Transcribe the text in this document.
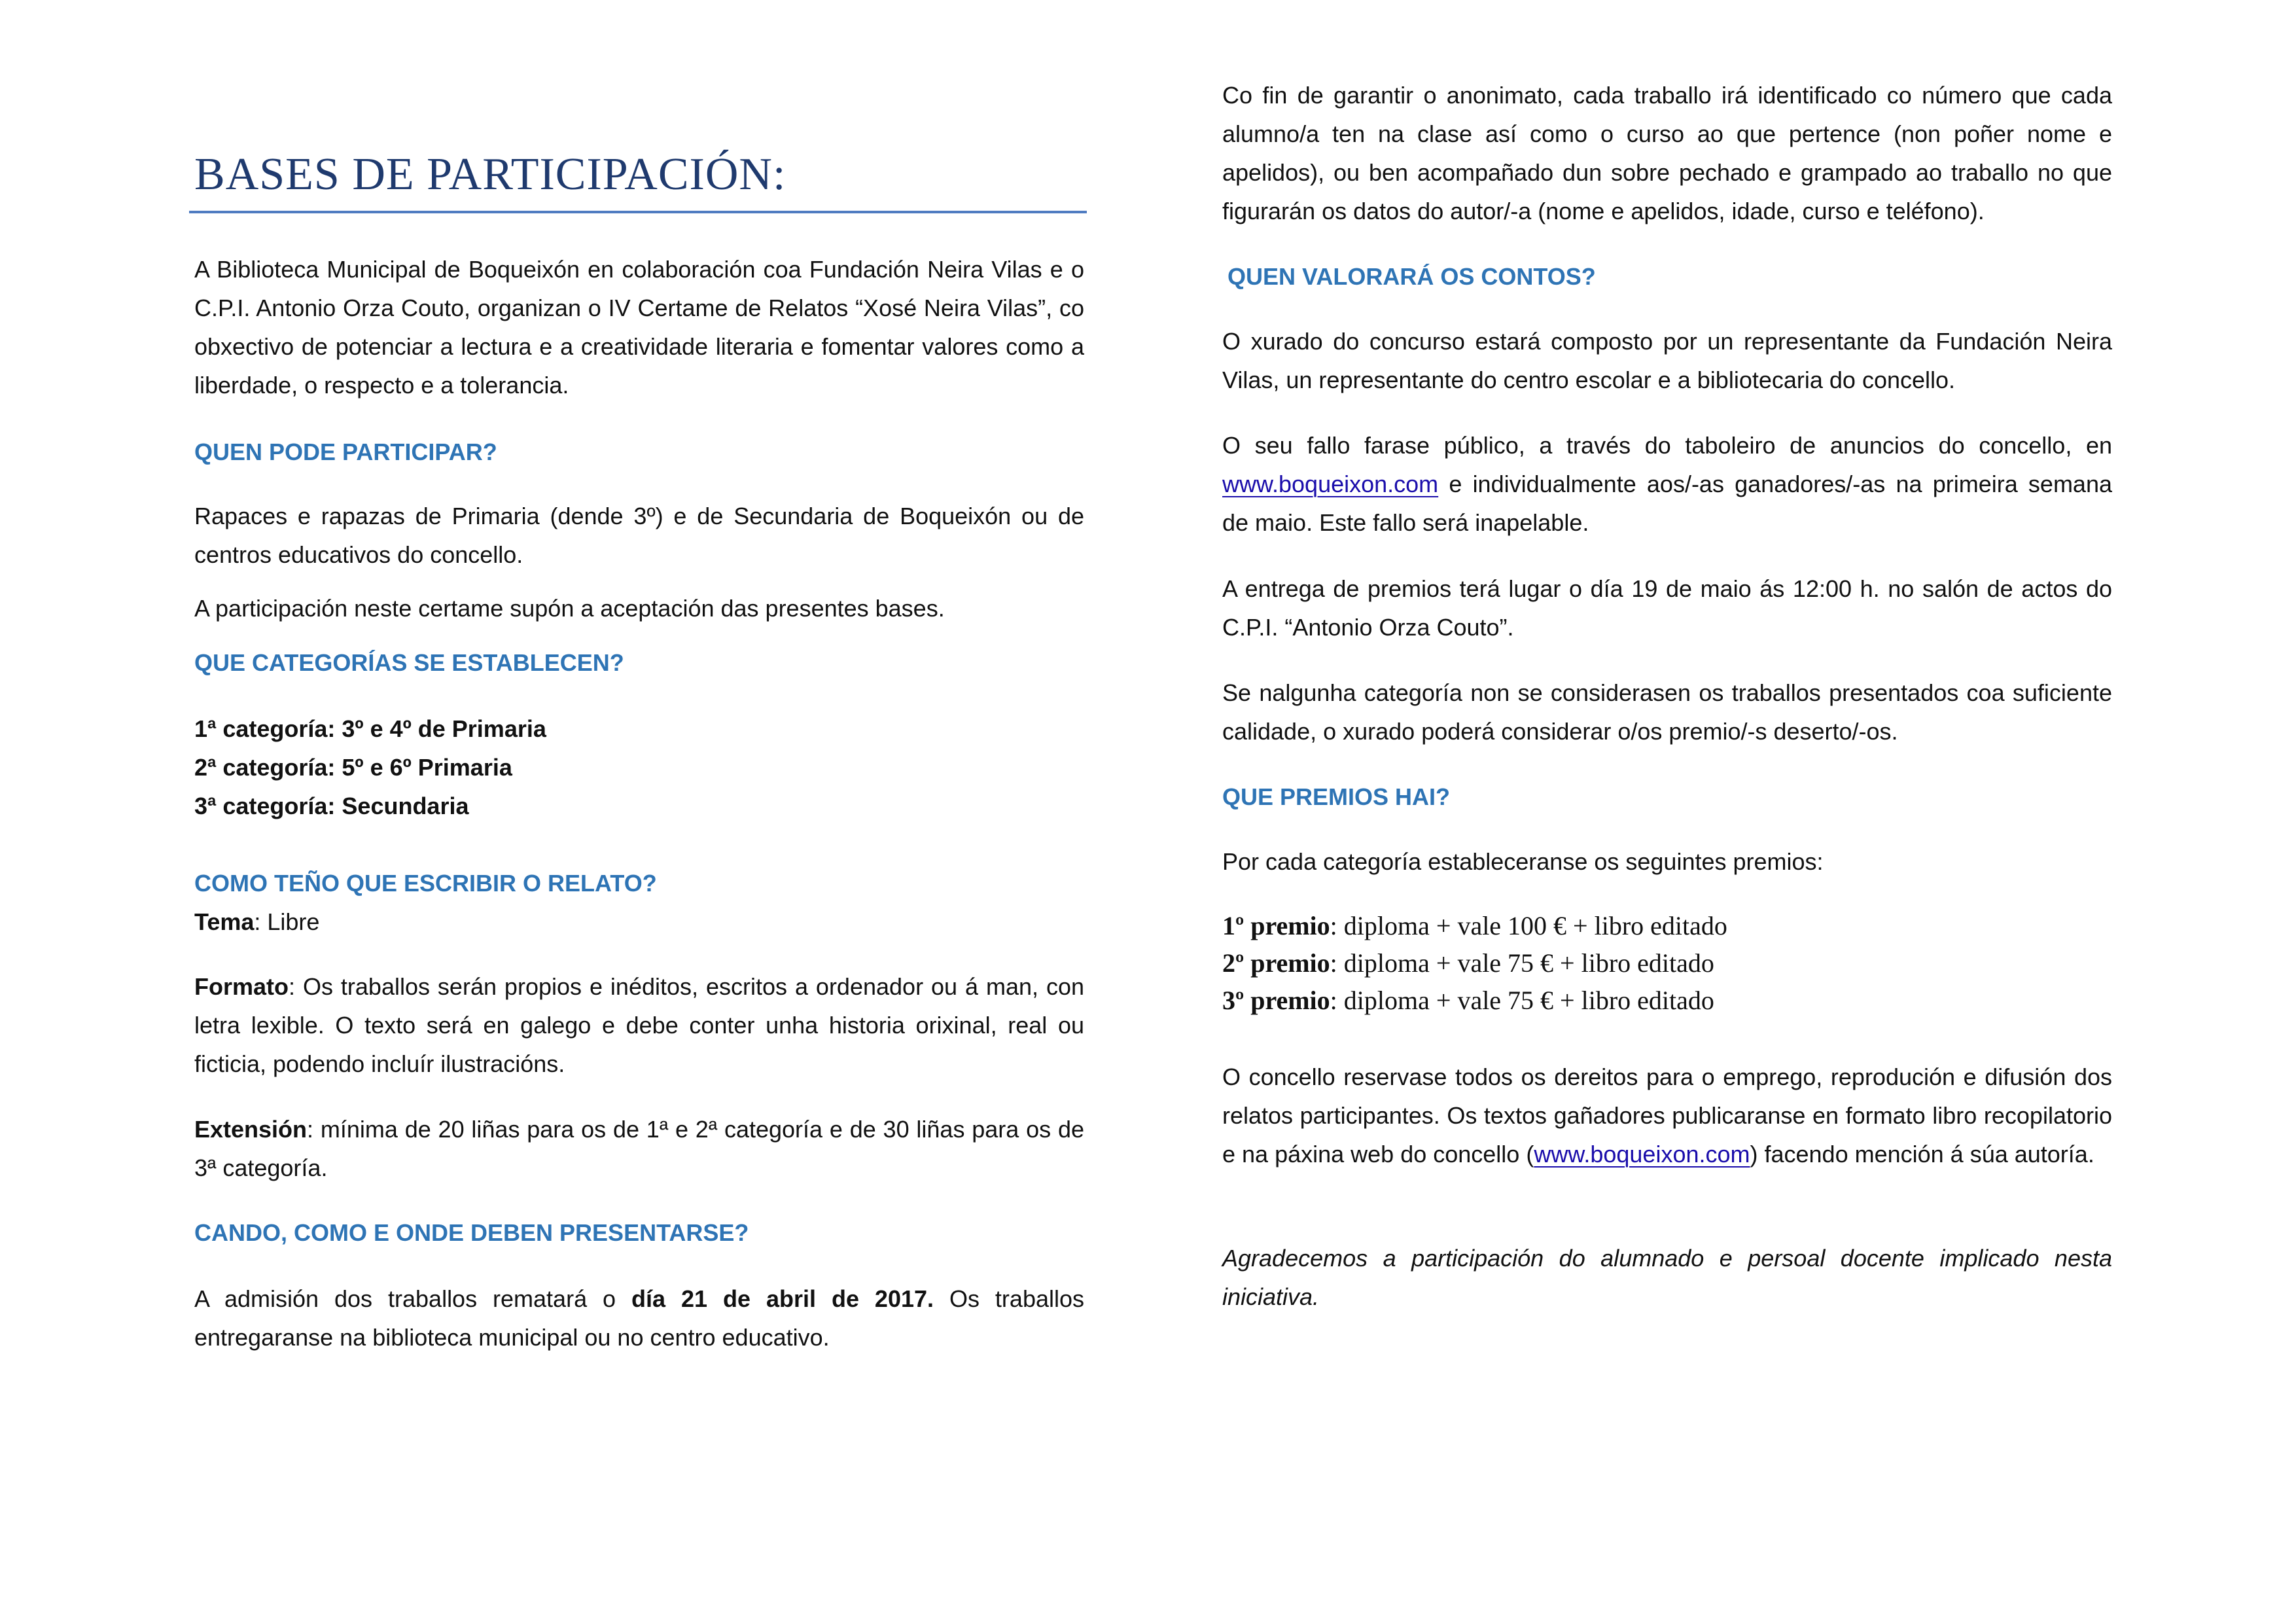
BASES DE PARTICIPACIÓN:
A Biblioteca Municipal de Boqueixón en colaboración coa Fundación Neira Vilas e o C.P.I. Antonio Orza Couto, organizan o IV Certame de Relatos “Xosé Neira Vilas”, co obxectivo de potenciar a lectura e a creatividade literaria e fomentar valores como a liberdade, o respecto e a tolerancia.
QUEN PODE PARTICIPAR?
Rapaces e rapazas de Primaria (dende 3º) e de Secundaria de Boqueixón ou de centros educativos do concello.
A participación neste certame supón a aceptación das presentes bases.
QUE CATEGORÍAS SE ESTABLECEN?
1ª categoría: 3º e 4º de Primaria
2ª categoría: 5º e 6º Primaria
3ª categoría: Secundaria
COMO TEÑO QUE ESCRIBIR O RELATO?
Tema: Libre
Formato: Os traballos serán propios e inéditos, escritos a ordenador ou á man, con letra lexible. O texto será en galego e debe conter unha historia orixinal, real ou ficticia, podendo incluír ilustracións.
Extensión: mínima de 20 liñas para os de 1ª e 2ª categoría e de 30 liñas para os de 3ª categoría.
CANDO, COMO E ONDE DEBEN PRESENTARSE?
A admisión dos traballos rematará o día 21 de abril de 2017. Os traballos entregaranse na biblioteca municipal ou no centro educativo.
Co fin de garantir o anonimato, cada traballo irá identificado co número que cada alumno/a ten na clase así como o curso ao que pertence (non poñer nome e apelidos), ou ben acompañado dun sobre pechado e grampado ao traballo no que figurarán os datos do autor/-a (nome e apelidos, idade, curso e teléfono).
QUEN VALORARÁ OS CONTOS?
O xurado do concurso estará composto por un representante da Fundación Neira Vilas, un representante do centro escolar e a bibliotecaria do concello.
O seu fallo farase público, a través do taboleiro de anuncios do concello, en www.boqueixon.com e individualmente aos/-as ganadores/-as na primeira semana de maio. Este fallo será inapelable.
A entrega de premios terá lugar o día 19 de maio ás 12:00 h. no salón de actos do C.P.I. “Antonio Orza Couto”.
Se nalgunha categoría non se considerasen os traballos presentados coa suficiente calidade, o xurado poderá considerar o/os premio/-s deserto/-os.
QUE PREMIOS HAI?
Por cada categoría estableceranse os seguintes premios:
1º premio: diploma + vale 100 € + libro editado
2º premio: diploma + vale 75 € + libro editado
3º premio: diploma + vale 75 € + libro editado
O concello reservase todos os dereitos para o emprego, reprodución e difusión dos relatos participantes. Os textos gañadores publicaranse en formato libro recopilatorio e na páxina web do concello (www.boqueixon.com) facendo mención á súa autoría.
Agradecemos a participación do alumnado e persoal docente implicado nesta iniciativa.
